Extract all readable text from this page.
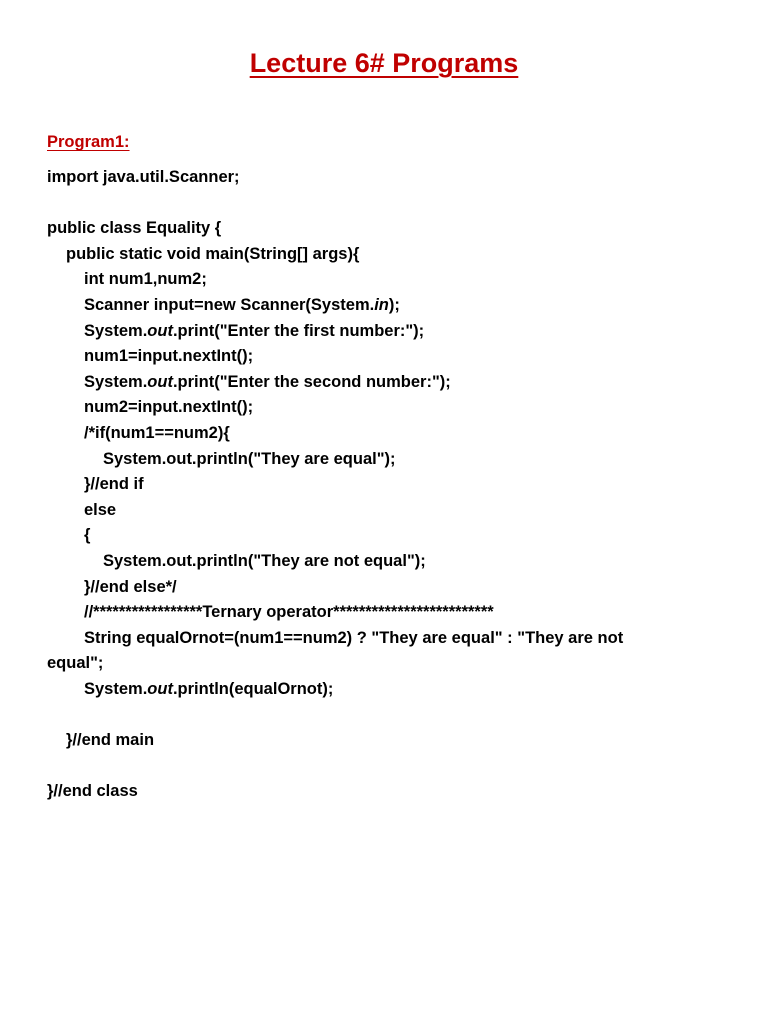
Lecture 6# Programs

Program1:

import java.util.Scanner;
public class Equality {
public static void main(String[] args){
int num1,num2;
Scanner input=new Scanner(System.in);
System.out.print("Enter the first number:");
num1=input.nextInt();
System.out.print("Enter the second number:");
num2=input.nextInt();
/*if(num1==num2){
System.out.println("They are equal");
}//end if
else
{
System.out.println("They are not equal");
}//end else*/
//*****************Ternary operator*************************
String equalOrnot=(num1==num2) ? "They are equal" : "They are not
equal";
System.out.println(equalOrnot);
}//end main
}//end class
